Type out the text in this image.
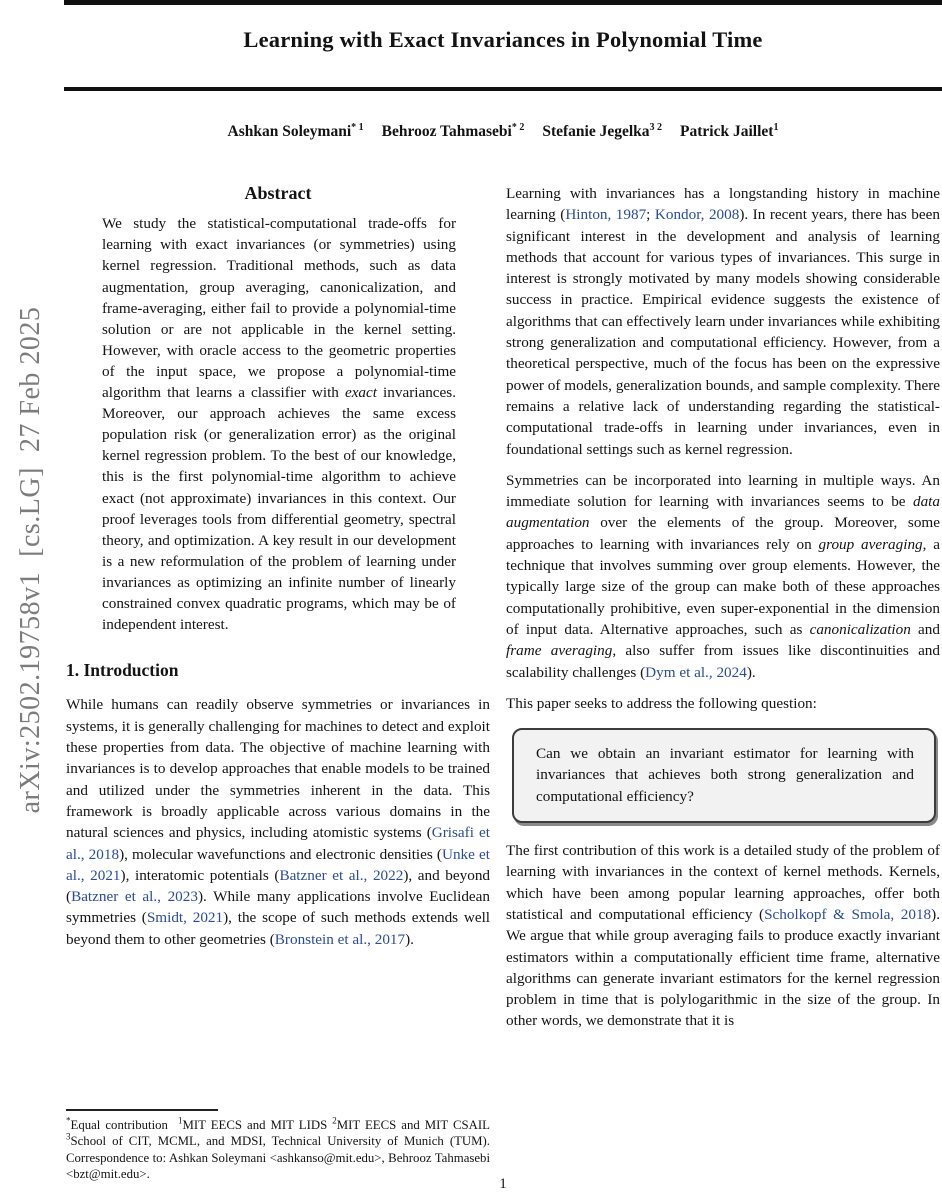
arXiv:2502.19758v1  [cs.LG]  27 Feb 2025
Learning with Exact Invariances in Polynomial Time
Ashkan Soleymani$^{* 1}$ Behrooz Tahmasebi$^{* 2}$ Stefanie Jegelka$^{3 2}$ Patrick Jaillet$^1$
Abstract

We study the statistical-computational trade-offs for learning with exact invariances (or symmetries) using kernel regression. Traditional methods, such as data augmentation, group averaging, canonicalization, and frame-averaging, either fail to provide a polynomial-time solution or are not applicable in the kernel setting. However, with oracle access to the geometric properties of the input space, we propose a polynomial-time algorithm that learns a classifier with exact invariances. Moreover, our approach achieves the same excess population risk (or generalization error) as the original kernel regression problem. To the best of our knowledge, this is the first polynomial-time algorithm to achieve exact (not approximate) invariances in this context. Our proof leverages tools from differential geometry, spectral theory, and optimization. A key result in our development is a new reformulation of the problem of learning under invariances as optimizing an infinite number of linearly constrained convex quadratic programs, which may be of independent interest.

1. Introduction

While humans can readily observe symmetries or invariances in systems, it is generally challenging for machines to detect and exploit these properties from data. The objective of machine learning with invariances is to develop approaches that enable models to be trained and utilized under the symmetries inherent in the data. This framework is broadly applicable across various domains in the natural sciences and physics, including atomistic systems (Grisafi et al., 2018), molecular wavefunctions and electronic densities (Unke et al., 2021), interatomic potentials (Batzner et al., 2022), and beyond (Batzner et al., 2023). While many applications involve Euclidean symmetries (Smidt, 2021), the scope of such methods extends well beyond them to other geometries (Bronstein et al., 2017).

*Equal contribution  $^1$MIT EECS and MIT LIDS $^2$MIT EECS and MIT CSAIL $^3$School of CIT, MCML, and MDSI, Technical University of Munich (TUM). Correspondence to: Ashkan Soleymani <ashkanso@mit.edu>, Behrooz Tahmasebi <bzt@mit.edu>.

Learning with invariances has a longstanding history in machine learning (Hinton, 1987; Kondor, 2008). In recent years, there has been significant interest in the development and analysis of learning methods that account for various types of invariances. This surge in interest is strongly motivated by many models showing considerable success in practice. Empirical evidence suggests the existence of algorithms that can effectively learn under invariances while exhibiting strong generalization and computational efficiency. However, from a theoretical perspective, much of the focus has been on the expressive power of models, generalization bounds, and sample complexity. There remains a relative lack of understanding regarding the statistical-computational trade-offs in learning under invariances, even in foundational settings such as kernel regression.

Symmetries can be incorporated into learning in multiple ways. An immediate solution for learning with invariances seems to be data augmentation over the elements of the group. Moreover, some approaches to learning with invariances rely on group averaging, a technique that involves summing over group elements. However, the typically large size of the group can make both of these approaches computationally prohibitive, even super-exponential in the dimension of input data. Alternative approaches, such as canonicalization and frame averaging, also suffer from issues like discontinuities and scalability challenges (Dym et al., 2024).

This paper seeks to address the following question:

Can we obtain an invariant estimator for learning with invariances that achieves both strong generalization and computational efficiency?

The first contribution of this work is a detailed study of the problem of learning with invariances in the context of kernel methods. Kernels, which have been among popular learning approaches, offer both statistical and computational efficiency (Scholkopf & Smola, 2018). We argue that while group averaging fails to produce exactly invariant estimators within a computationally efficient time frame, alternative algorithms can generate invariant estimators for the kernel regression problem in time that is polylogarithmic in the size of the group. In other words, we demonstrate that it is

1
